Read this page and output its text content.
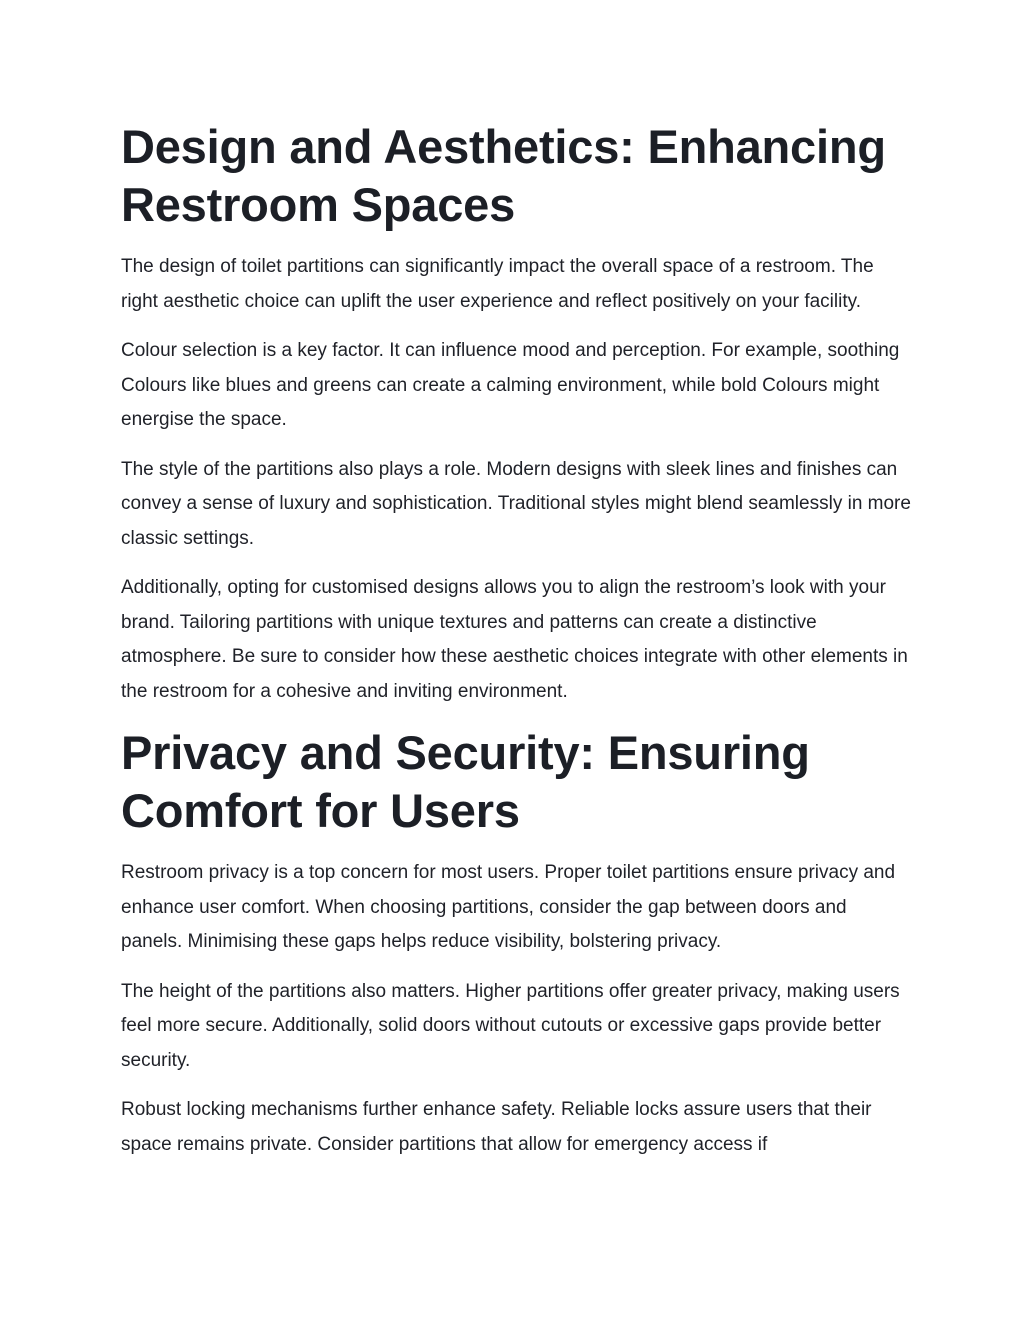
Design and Aesthetics: Enhancing Restroom Spaces

The design of toilet partitions can significantly impact the overall space of a restroom. The right aesthetic choice can uplift the user experience and reflect positively on your facility.

Colour selection is a key factor. It can influence mood and perception. For example, soothing Colours like blues and greens can create a calming environment, while bold Colours might energise the space.

The style of the partitions also plays a role. Modern designs with sleek lines and finishes can convey a sense of luxury and sophistication. Traditional styles might blend seamlessly in more classic settings.

Additionally, opting for customised designs allows you to align the restroom’s look with your brand. Tailoring partitions with unique textures and patterns can create a distinctive atmosphere. Be sure to consider how these aesthetic choices integrate with other elements in the restroom for a cohesive and inviting environment.

Privacy and Security: Ensuring Comfort for Users

Restroom privacy is a top concern for most users. Proper toilet partitions ensure privacy and enhance user comfort. When choosing partitions, consider the gap between doors and panels. Minimising these gaps helps reduce visibility, bolstering privacy.

The height of the partitions also matters. Higher partitions offer greater privacy, making users feel more secure. Additionally, solid doors without cutouts or excessive gaps provide better security.

Robust locking mechanisms further enhance safety. Reliable locks assure users that their space remains private. Consider partitions that allow for emergency access if
